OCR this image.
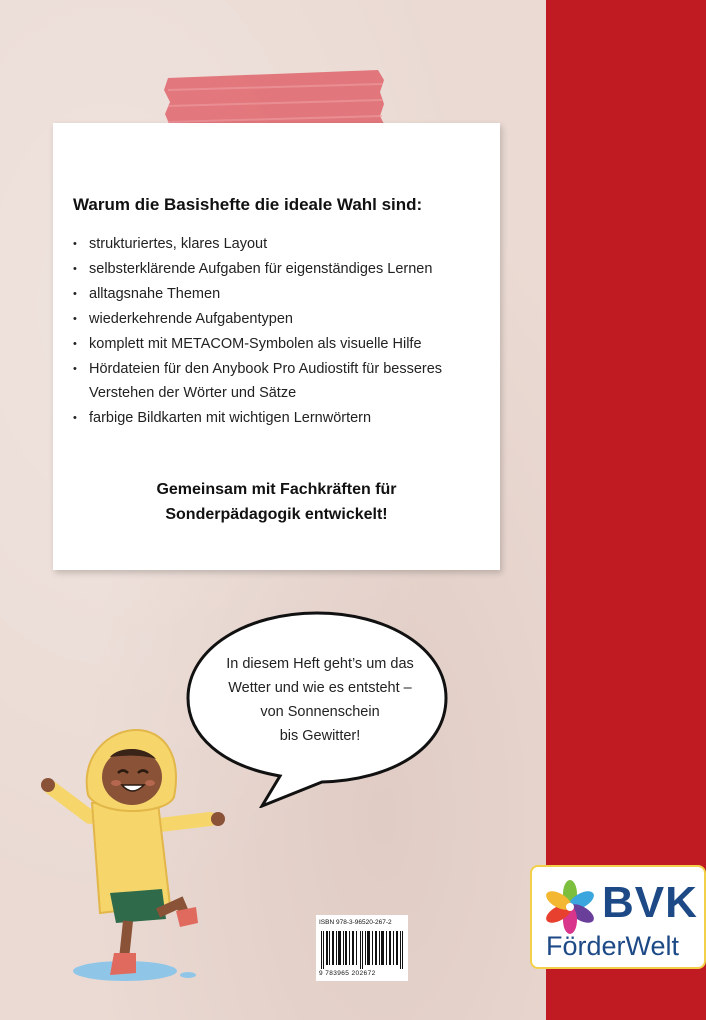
Warum die Basishefte die ideale Wahl sind:
• strukturiertes, klares Layout
• selbsterklärende Aufgaben für eigenständiges Lernen
• alltagsnahe Themen
• wiederkehrende Aufgabentypen
• komplett mit METACOM-Symbolen als visuelle Hilfe
• Hördateien für den Anybook Pro Audiostift für besseres Verstehen der Wörter und Sätze
• farbige Bildkarten mit wichtigen Lernwörtern

Gemeinsam mit Fachkräften für
Sonderpädagogik entwickelt!

In diesem Heft geht’s um das
Wetter und wie es entsteht –
von Sonnenschein
bis Gewitter!

ISBN 978-3-96520-267-2
9 783965 202672
BVK
FörderWelt
